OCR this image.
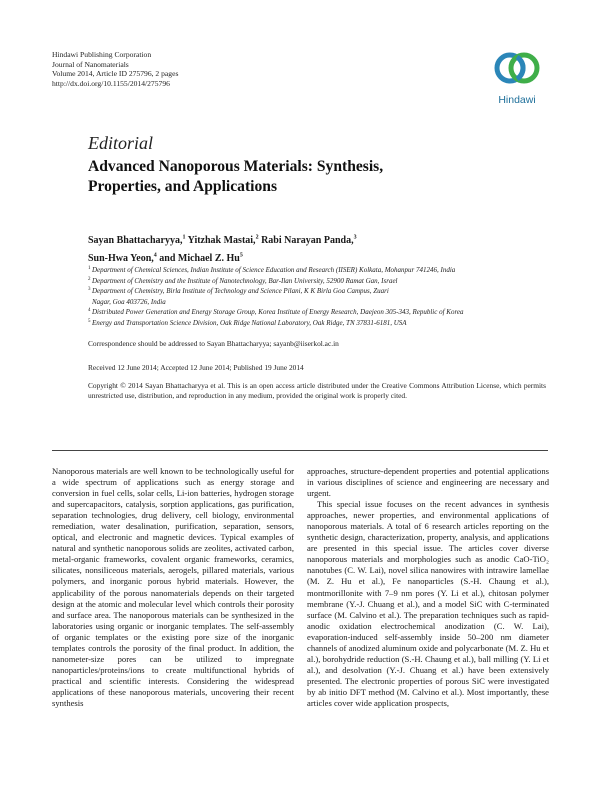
Hindawi Publishing Corporation
Journal of Nanomaterials
Volume 2014, Article ID 275796, 2 pages
http://dx.doi.org/10.1155/2014/275796
Hindawi
Editorial
Advanced Nanoporous Materials: Synthesis, Properties, and Applications
Sayan Bhattacharyya,$^1$ Yitzhak Mastai,$^2$ Rabi Narayan Panda,$^3$
Sun-Hwa Yeon,$^4$ and Michael Z. Hu$^5$
1 Department of Chemical Sciences, Indian Institute of Science Education and Research (IISER) Kolkata, Mohanpur 741246, India
2 Department of Chemistry and the Institute of Nanotechnology, Bar-Ilan University, 52900 Ramat Gan, Israel
3 Department of Chemistry, Birla Institute of Technology and Science Pilani, K K Birla Goa Campus, Zuari Nagar, Goa 403726, India
4 Distributed Power Generation and Energy Storage Group, Korea Institute of Energy Research, Daejeon 305-343, Republic of Korea
5 Energy and Transportation Science Division, Oak Ridge National Laboratory, Oak Ridge, TN 37831-6181, USA
Correspondence should be addressed to Sayan Bhattacharyya; sayanb@iiserkol.ac.in
Received 12 June 2014; Accepted 12 June 2014; Published 19 June 2014
Copyright © 2014 Sayan Bhattacharyya et al. This is an open access article distributed under the Creative Commons Attribution License, which permits unrestricted use, distribution, and reproduction in any medium, provided the original work is properly cited.

Nanoporous materials are well known to be technologically useful for a wide spectrum of applications such as energy storage and conversion in fuel cells, solar cells, Li-ion batteries, hydrogen storage and supercapacitors, catalysis, sorption applications, gas purification, separation technologies, drug delivery, cell biology, environmental remediation, water desalination, purification, separation, sensors, optical, and electronic and magnetic devices. Typical examples of natural and synthetic nanoporous solids are zeolites, activated carbon, metal-organic frameworks, covalent organic frameworks, ceramics, silicates, nonsiliceous materials, aerogels, pillared materials, various polymers, and inorganic porous hybrid materials. However, the applicability of the porous nanomaterials depends on their targeted design at the atomic and molecular level which controls their porosity and surface area. The nanoporous materials can be synthesized in the laboratories using organic or inorganic templates. The self-assembly of organic templates or the existing pore size of the inorganic templates controls the porosity of the final product. In addition, the nanometer-size pores can be utilized to impregnate nanoparticles/proteins/ions to create multifunctional hybrids of practical and scientific interests. Considering the widespread applications of these nanoporous materials, uncovering their recent synthesis

approaches, structure-dependent properties and potential applications in various disciplines of science and engineering are necessary and urgent.

This special issue focuses on the recent advances in synthesis approaches, newer properties, and environmental applications of nanoporous materials. A total of 6 research articles reporting on the synthetic design, characterization, property, analysis, and applications are presented in this special issue. The articles cover diverse nanoporous materials and morphologies such as anodic CaO-TiO₂ nanotubes (C. W. Lai), novel silica nanowires with intrawire lamellae (M. Z. Hu et al.), Fe nanoparticles (S.-H. Chaung et al.), montmorillonite with 7–9 nm pores (Y. Li et al.), chitosan polymer membrane (Y.-J. Chuang et al.), and a model SiC with C-terminated surface (M. Calvino et al.). The preparation techniques such as rapid-anodic oxidation electrochemical anodization (C. W. Lai), evaporation-induced self-assembly inside 50–200 nm diameter channels of anodized aluminum oxide and polycarbonate (M. Z. Hu et al.), borohydride reduction (S.-H. Chaung et al.), ball milling (Y. Li et al.), and desolvation (Y.-J. Chuang et al.) have been extensively presented. The electronic properties of porous SiC were investigated by ab initio DFT method (M. Calvino et al.). Most importantly, these articles cover wide application prospects,
